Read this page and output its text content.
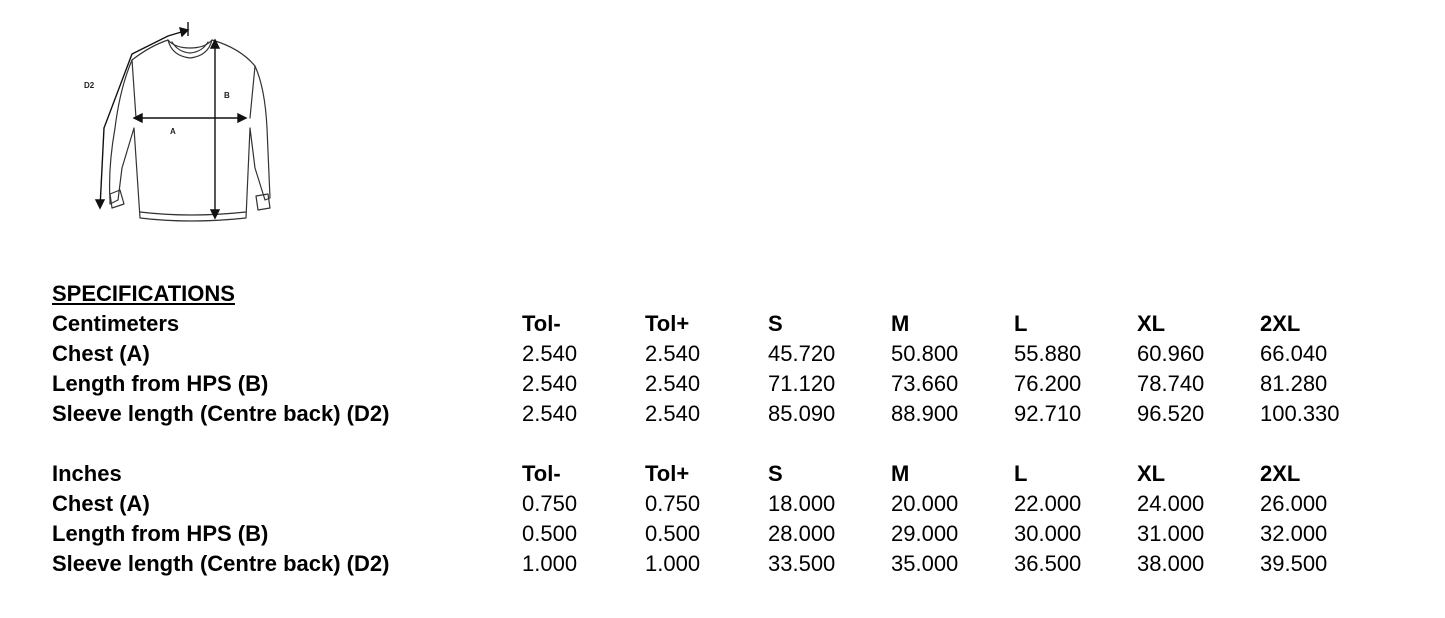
D2
B
A
SPECIFICATIONS
Centimeters	Tol-	Tol+	S	M	L	XL	2XL
Chest (A)	2.540	2.540	45.720	50.800	55.880	60.960	66.040
Length from HPS (B)	2.540	2.540	71.120	73.660	76.200	78.740	81.280
Sleeve length (Centre back) (D2)	2.540	2.540	85.090	88.900	92.710	96.520	100.330
Inches	Tol-	Tol+	S	M	L	XL	2XL
Chest (A)	0.750	0.750	18.000	20.000	22.000	24.000	26.000
Length from HPS (B)	0.500	0.500	28.000	29.000	30.000	31.000	32.000
Sleeve length (Centre back) (D2)	1.000	1.000	33.500	35.000	36.500	38.000	39.500
